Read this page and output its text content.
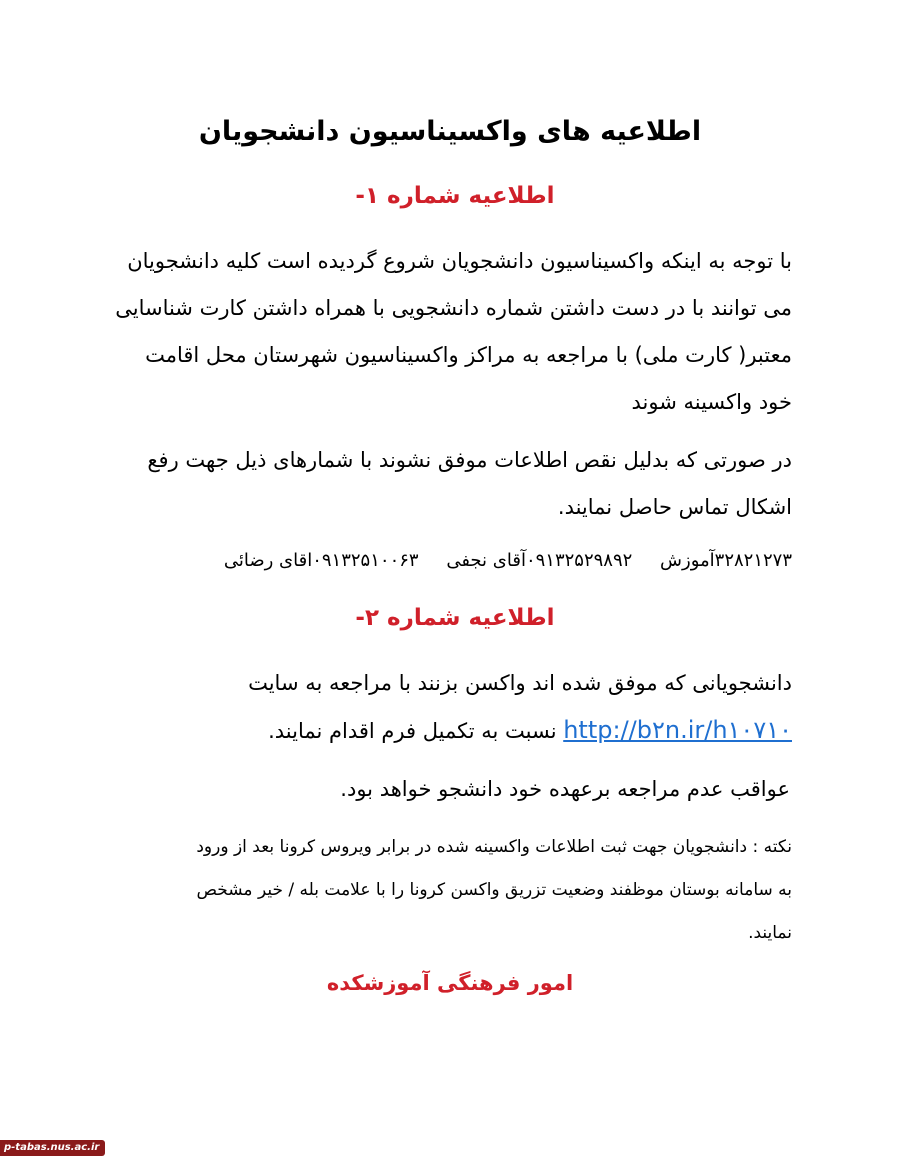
اطلاعیه های واکسیناسیون دانشجویان
اطلاعیه شماره ۱-
با توجه به اینکه واکسیناسیون دانشجویان شروع گردیده است کلیه دانشجویان
می توانند با در دست داشتن شماره دانشجویی با همراه داشتن کارت شناسایی
معتبر( کارت ملی) با مراجعه به مراکز واکسیناسیون شهرستان محل اقامت
خود واکسینه شوند
در صورتی که بدلیل نقص اطلاعات موفق نشوند با شمارهای ذیل جهت رفع
اشکال تماس حاصل نمایند.
۳۲۸۲۱۲۷۳آموزش ۰۹۱۳۲۵۲۹۸۹۲آقای نجفی ۰۹۱۳۲۵۱۰۰۶۳اقای رضائی
اطلاعیه شماره ۲-
دانشجویانی که موفق شده اند واکسن بزنند با مراجعه به سایت
http://b۲n.ir/h۱۰۷۱۰ نسبت به تکمیل فرم اقدام نمایند.
عواقب عدم مراجعه برعهده خود دانشجو خواهد بود.
نکته : دانشجویان جهت ثبت اطلاعات واکسینه شده در برابر ویروس کرونا بعد از ورود
به سامانه بوستان موظفند وضعیت تزریق واکسن کرونا را با علامت بله / خیر مشخص
نمایند.
امور فرهنگی آموزشکده
p-tabas.nus.ac.ir
